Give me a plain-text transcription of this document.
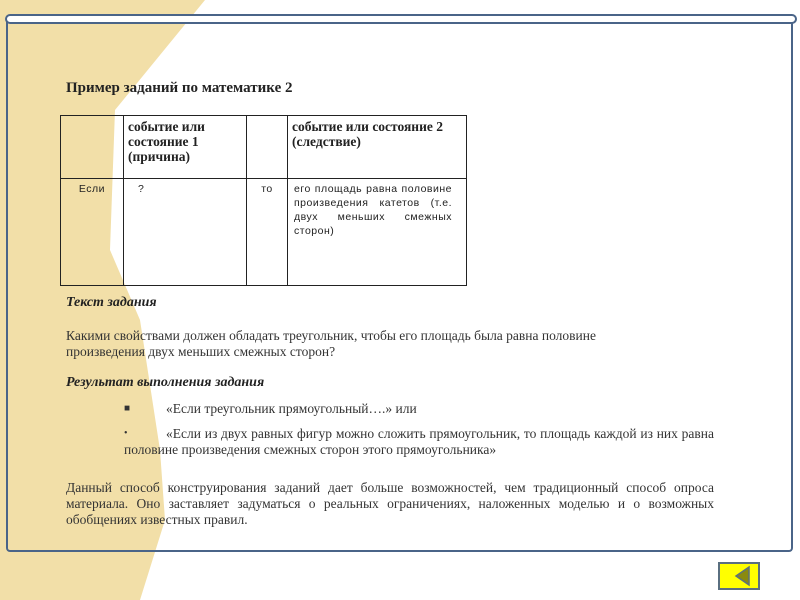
Пример заданий по математике 2
	событие или состояние 1 (причина)		событие или состояние 2 (следствие)
Если	?	то	его площадь равна половине произведения катетов (т.е. двух меньших смежных сторон)
Текст задания
Какими свойствами должен обладать треугольник, чтобы его площадь была равна половине произведения двух меньших смежных сторон?
Результат выполнения задания
■	«Если треугольник прямоугольный….» или
•	«Если из двух равных фигур можно сложить прямоугольник, то площадь каждой из них равна половине произведения смежных сторон этого прямоугольника»
Данный способ конструирования заданий дает больше возможностей, чем традиционный способ опроса материала. Оно заставляет задуматься о реальных ограничениях, наложенных моделью и о возможных обобщениях известных правил.
